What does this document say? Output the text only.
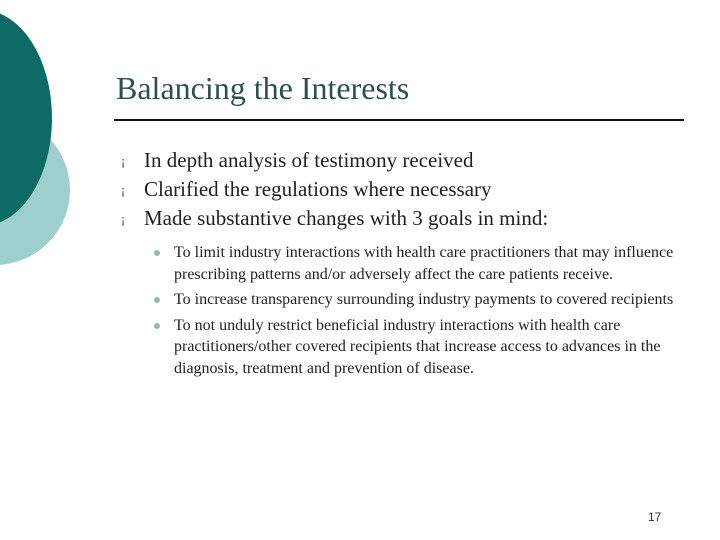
Balancing the Interests
¡ In depth analysis of testimony received
¡ Clarified the regulations where necessary
¡ Made substantive changes with 3 goals in mind:
To limit industry interactions with health care practitioners that may influence prescribing patterns and/or adversely affect the care patients receive.
To increase transparency surrounding industry payments to covered recipients
To not unduly restrict beneficial industry interactions with health care practitioners/other covered recipients that increase access to advances in the diagnosis, treatment and prevention of disease.
17
